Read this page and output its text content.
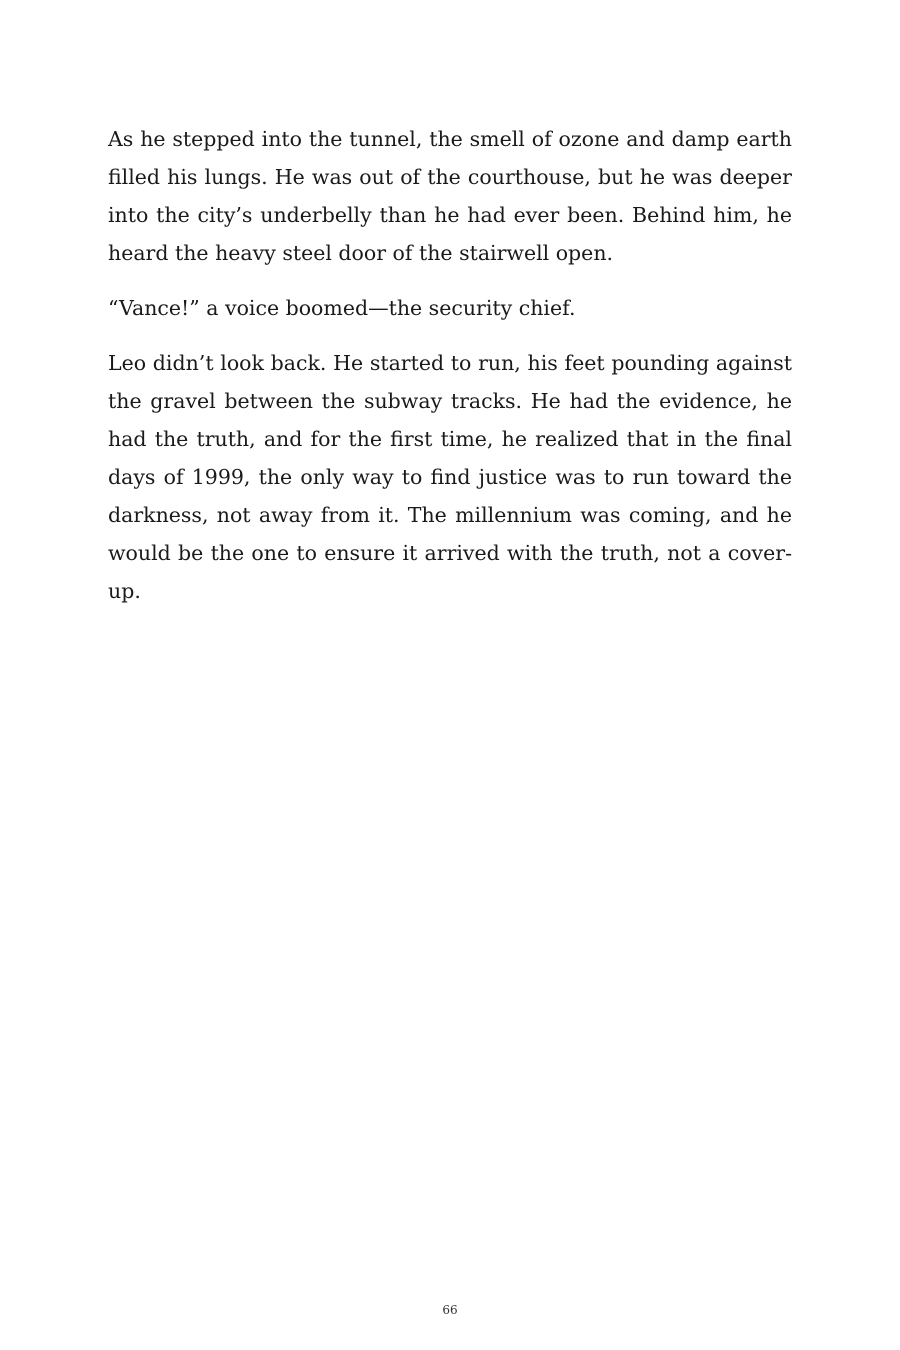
As he stepped into the tunnel, the smell of ozone and damp earth filled his lungs. He was out of the courthouse, but he was deeper into the city’s underbelly than he had ever been. Behind him, he heard the heavy steel door of the stairwell open.

“Vance!” a voice boomed—the security chief.

Leo didn’t look back. He started to run, his feet pounding against the gravel between the subway tracks. He had the evidence, he had the truth, and for the first time, he realized that in the final days of 1999, the only way to find justice was to run toward the darkness, not away from it. The millennium was coming, and he would be the one to ensure it arrived with the truth, not a cover-up.

66
